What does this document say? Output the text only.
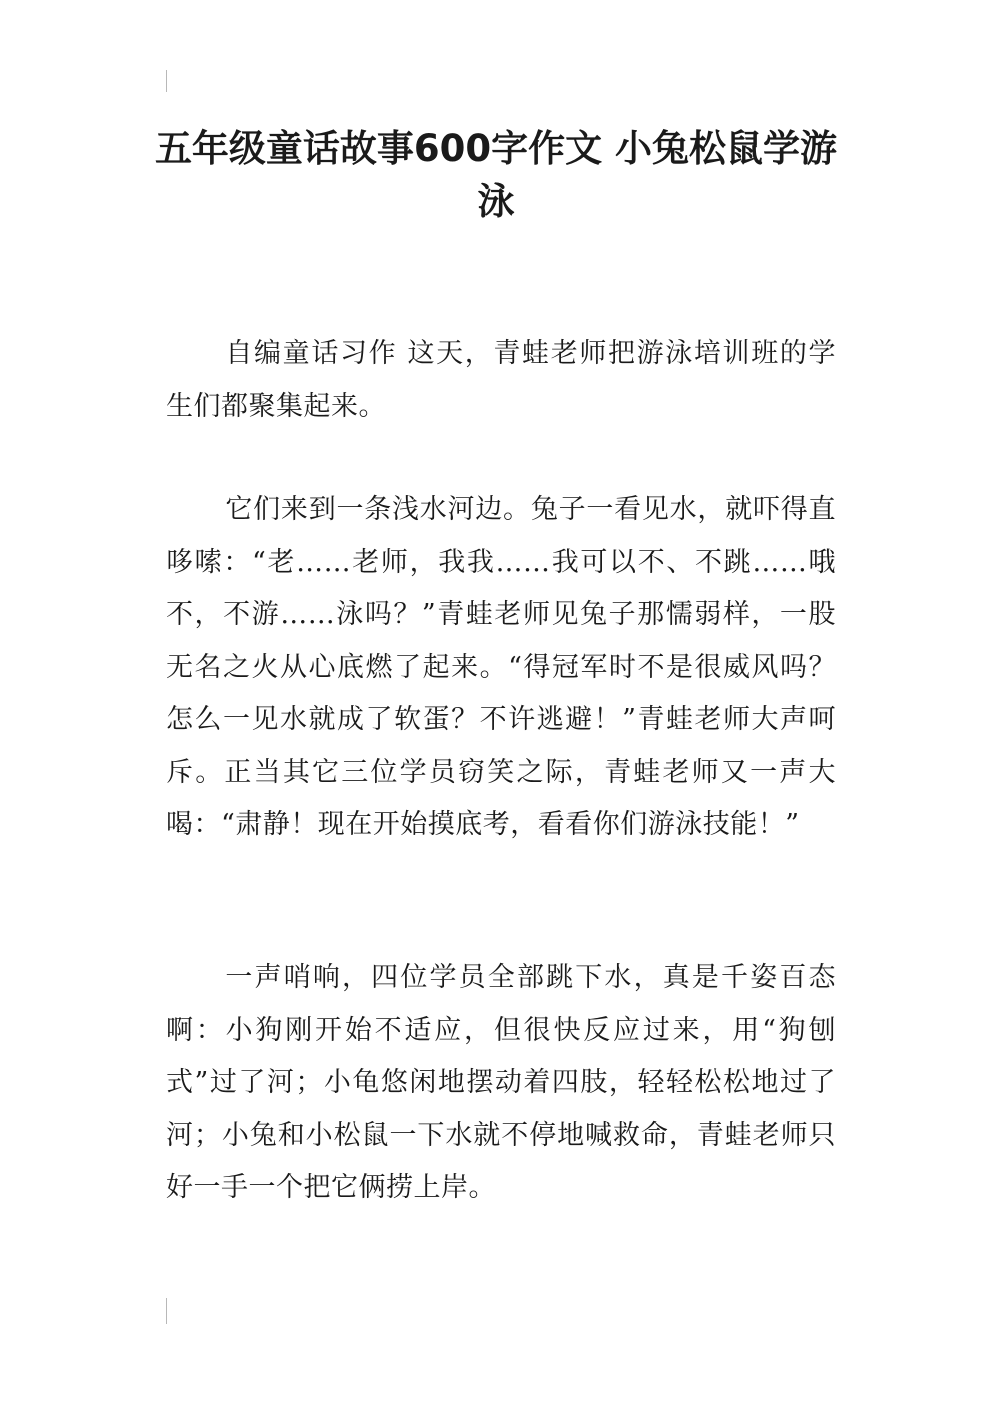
五年级童话故事600字作文 小兔松鼠学游泳

自编童话习作 这天，青蛙老师把游泳培训班的学生们都聚集起来。

它们来到一条浅水河边。兔子一看见水，就吓得直哆嗦：“老……老师，我我……我可以不、不跳……哦不，不游……泳吗？”青蛙老师见兔子那懦弱样，一股无名之火从心底燃了起来。“得冠军时不是很威风吗？怎么一见水就成了软蛋？不许逃避！”青蛙老师大声呵斥。正当其它三位学员窃笑之际，青蛙老师又一声大喝：“肃静！现在开始摸底考，看看你们游泳技能！”

一声哨响，四位学员全部跳下水，真是千姿百态啊：小狗刚开始不适应，但很快反应过来，用“狗刨式”过了河；小龟悠闲地摆动着四肢，轻轻松松地过了河；小兔和小松鼠一下水就不停地喊救命，青蛙老师只好一手一个把它俩捞上岸。
